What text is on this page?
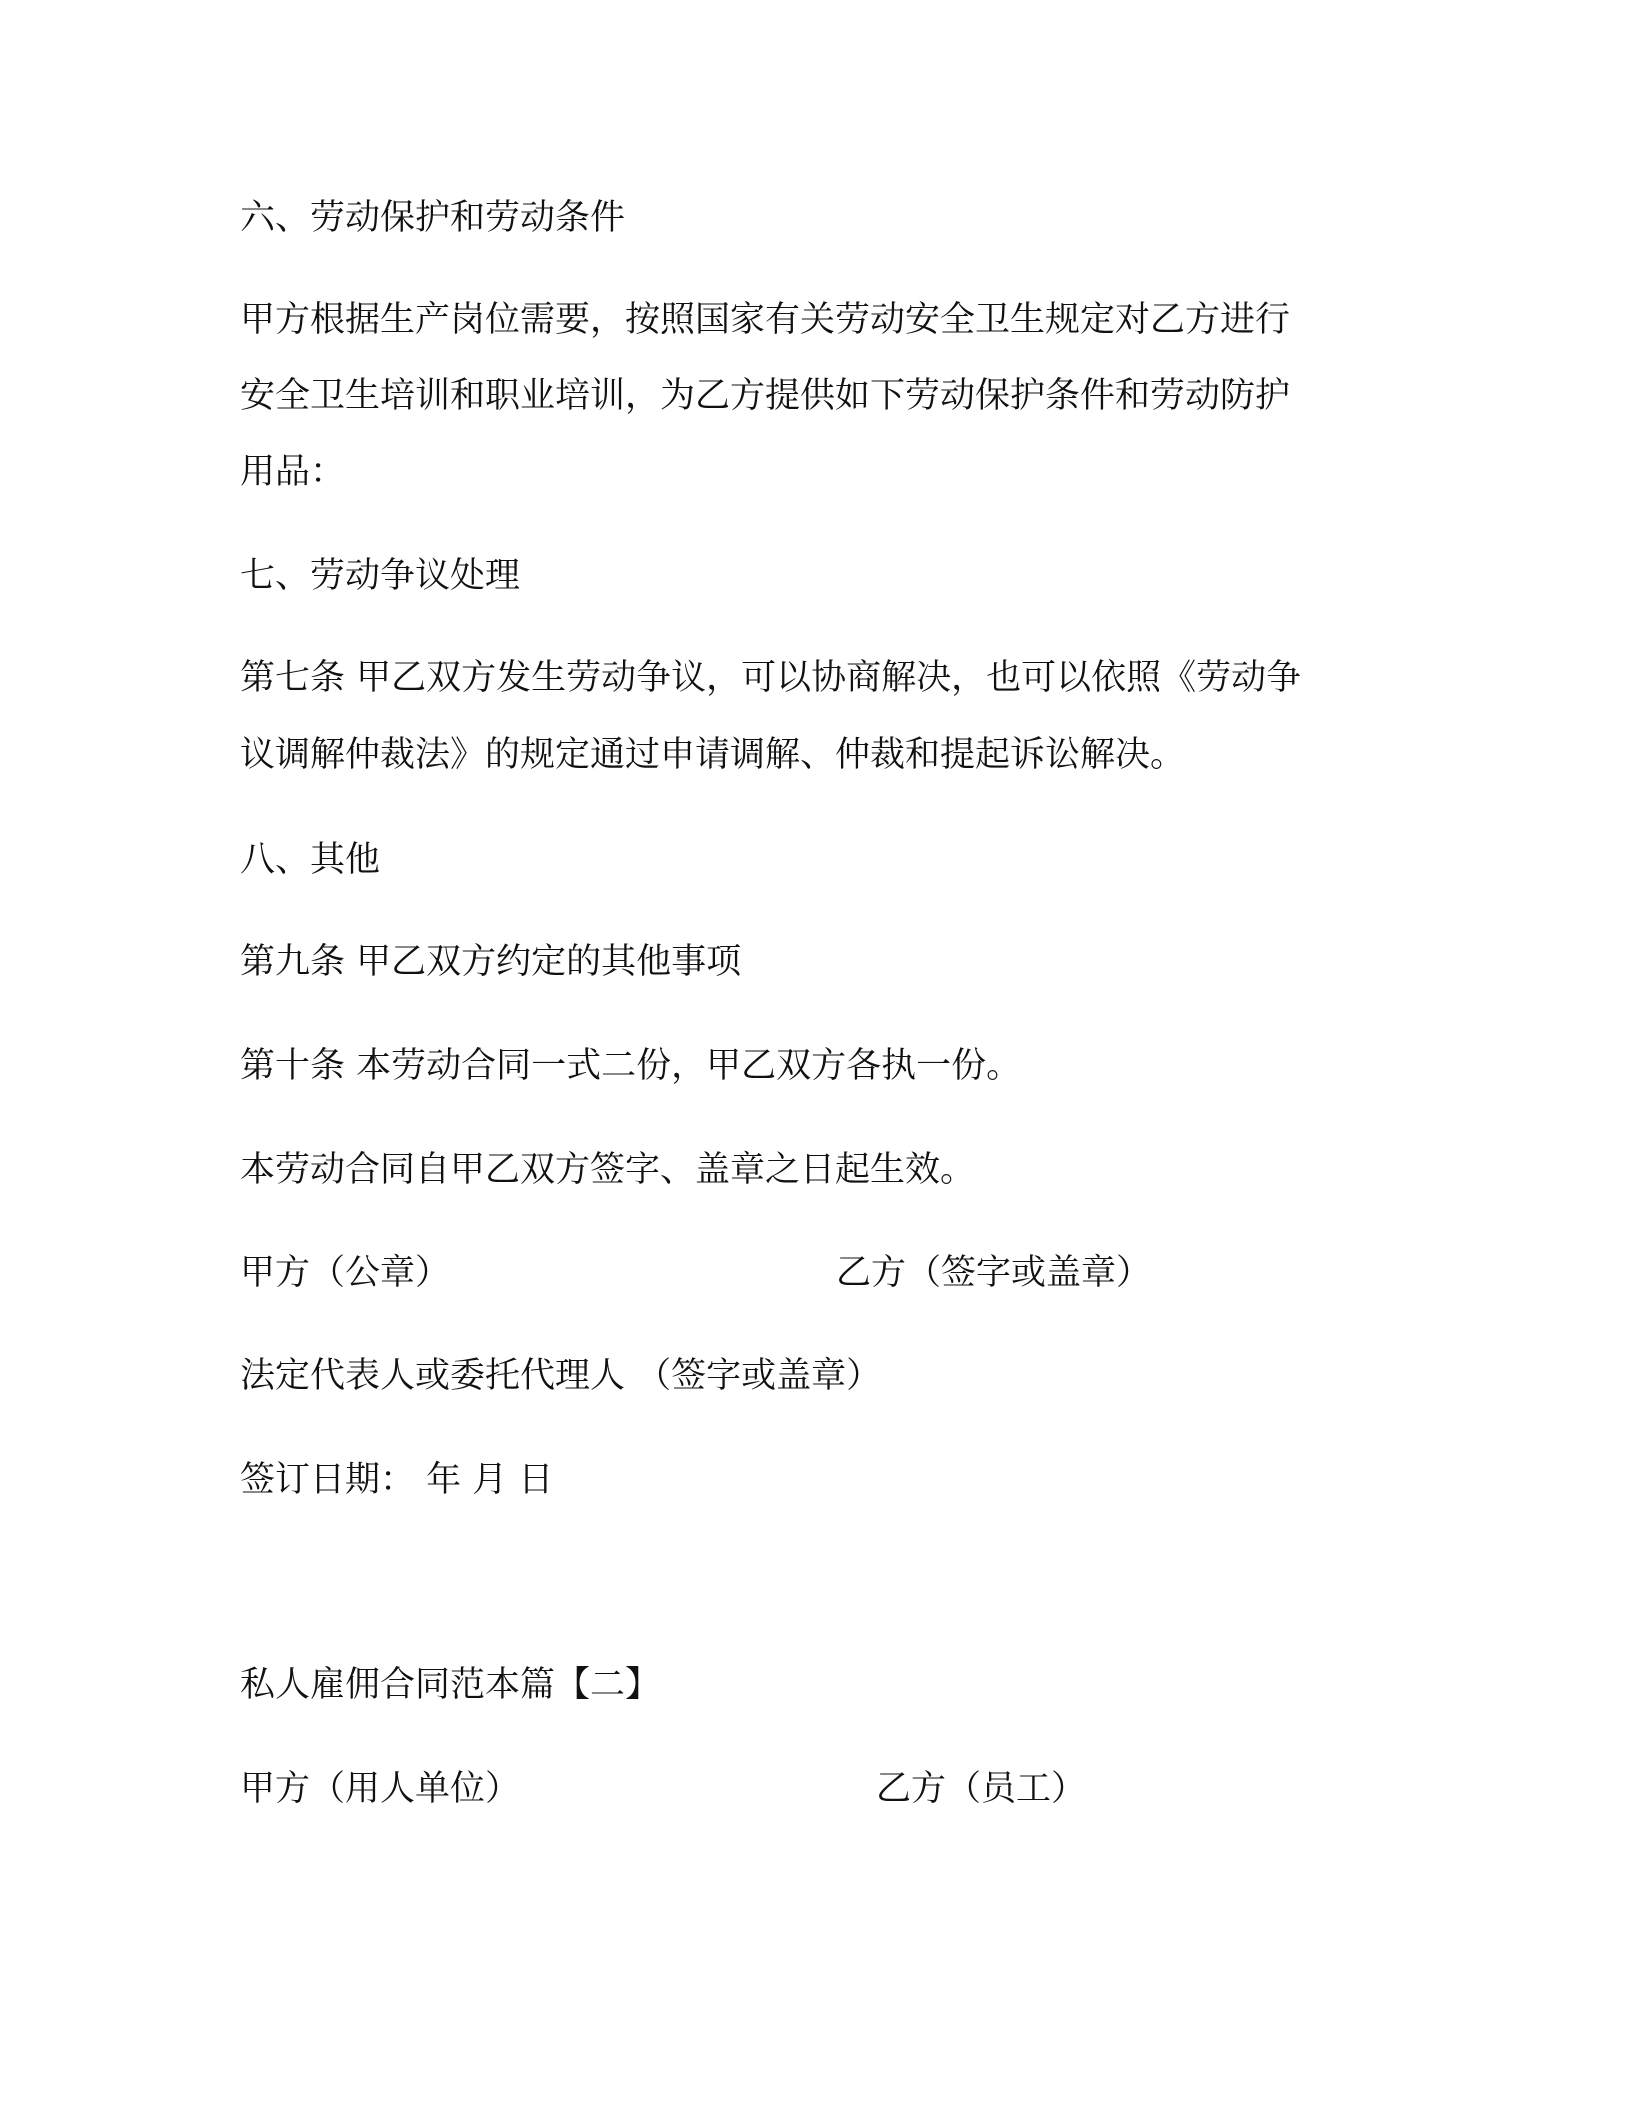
六、劳动保护和劳动条件
甲方根据生产岗位需要，按照国家有关劳动安全卫生规定对乙方进行
安全卫生培训和职业培训，为乙方提供如下劳动保护条件和劳动防护
用品：
七、劳动争议处理
第七条 甲乙双方发生劳动争议，可以协商解决，也可以依照《劳动争
议调解仲裁法》的规定通过申请调解、仲裁和提起诉讼解决。
八、其他
第九条 甲乙双方约定的其他事项
第十条 本劳动合同一式二份，甲乙双方各执一份。
本劳动合同自甲乙双方签字、盖章之日起生效。
甲方（公章）	乙方（签字或盖章）
法定代表人或委托代理人 （签字或盖章）
签订日期： 年 月 日
私人雇佣合同范本篇【二】
甲方（用人单位）	乙方（员工）
